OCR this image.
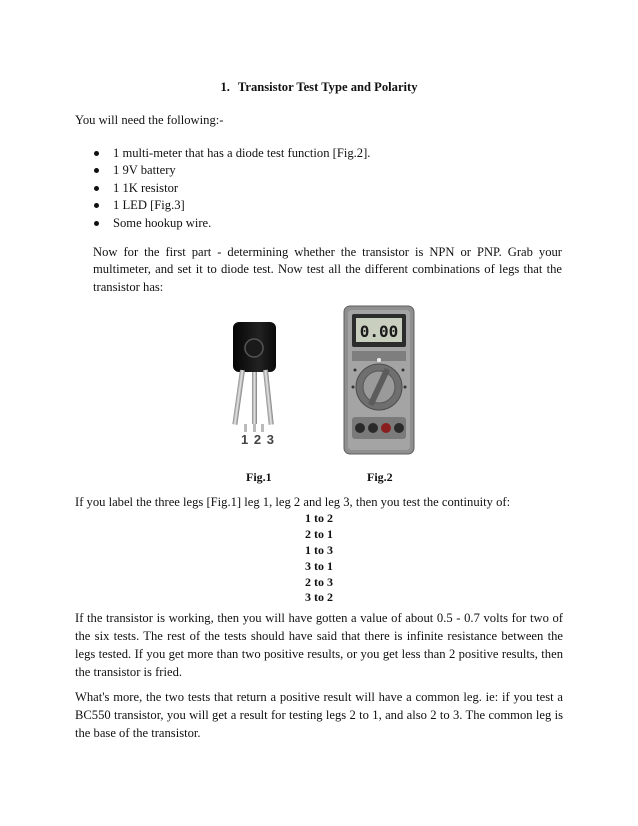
1. Transistor Test Type and Polarity
You will need the following:-
1 multi-meter that has a diode test function [Fig.2].
1 9V battery
1 1K resistor
1 LED [Fig.3]
Some hookup wire.
Now for the first part - determining whether the transistor is NPN or PNP. Grab your multimeter, and set it to diode test. Now test all the different combinations of legs that the transistor has:
1 2 3
0.00
Fig.1	Fig.2
If you label the three legs [Fig.1] leg 1, leg 2 and leg 3, then you test the continuity of:
1 to 2
2 to 1
1 to 3
3 to 1
2 to 3
3 to 2
If the transistor is working, then you will have gotten a value of about 0.5 - 0.7 volts for two of the six tests. The rest of the tests should have said that there is infinite resistance between the legs tested. If you get more than two positive results, or you get less than 2 positive results, then the transistor is fried.
What's more, the two tests that return a positive result will have a common leg. ie: if you test a BC550 transistor, you will get a result for testing legs 2 to 1, and also 2 to 3. The common leg is the base of the transistor.
